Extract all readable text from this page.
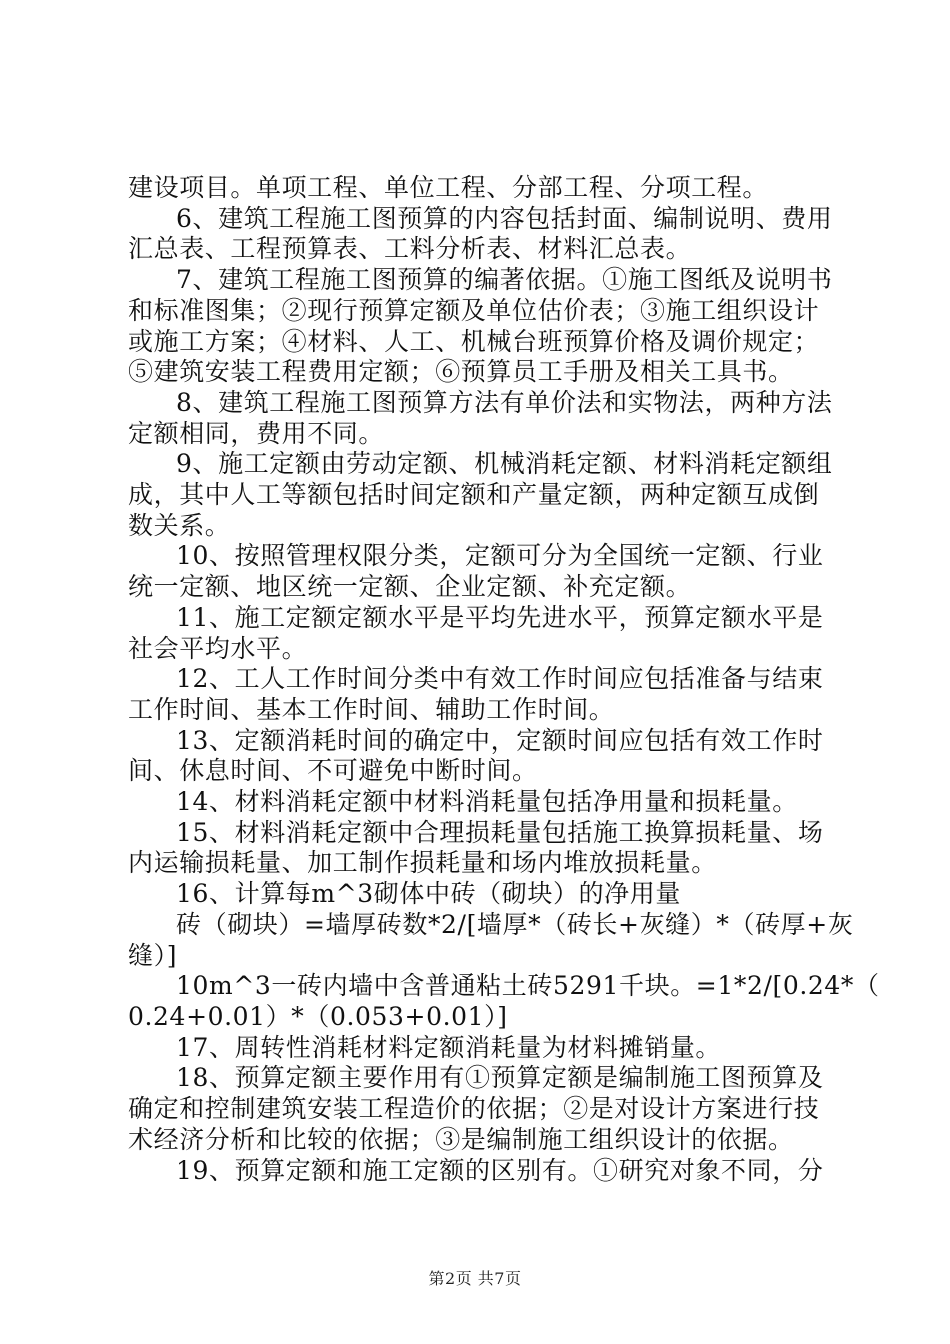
建设项目。单项工程、单位工程、分部工程、分项工程。
6、建筑工程施工图预算的内容包括封面、编制说明、费用
汇总表、工程预算表、工料分析表、材料汇总表。
7、建筑工程施工图预算的编著依据。①施工图纸及说明书
和标准图集；②现行预算定额及单位估价表；③施工组织设计
或施工方案；④材料、人工、机械台班预算价格及调价规定；
⑤建筑安装工程费用定额；⑥预算员工手册及相关工具书。
8、建筑工程施工图预算方法有单价法和实物法，两种方法
定额相同，费用不同。
9、施工定额由劳动定额、机械消耗定额、材料消耗定额组
成，其中人工等额包括时间定额和产量定额，两种定额互成倒
数关系。
10、按照管理权限分类，定额可分为全国统一定额、行业
统一定额、地区统一定额、企业定额、补充定额。
11、施工定额定额水平是平均先进水平，预算定额水平是
社会平均水平。
12、工人工作时间分类中有效工作时间应包括准备与结束
工作时间、基本工作时间、辅助工作时间。
13、定额消耗时间的确定中，定额时间应包括有效工作时
间、休息时间、不可避免中断时间。
14、材料消耗定额中材料消耗量包括净用量和损耗量。
15、材料消耗定额中合理损耗量包括施工换算损耗量、场
内运输损耗量、加工制作损耗量和场内堆放损耗量。
16、计算每m^3砌体中砖（砌块）的净用量
砖（砌块）=墙厚砖数*2/[墙厚*（砖长+灰缝）*（砖厚+灰
缝）]
10m^3一砖内墙中含普通粘土砖5291千块。=1*2/[0.24*（
0.24+0.01）*（0.053+0.01）]
17、周转性消耗材料定额消耗量为材料摊销量。
18、预算定额主要作用有①预算定额是编制施工图预算及
确定和控制建筑安装工程造价的依据；②是对设计方案进行技
术经济分析和比较的依据；③是编制施工组织设计的依据。
19、预算定额和施工定额的区别有。①研究对象不同，分
第2页 共7页
